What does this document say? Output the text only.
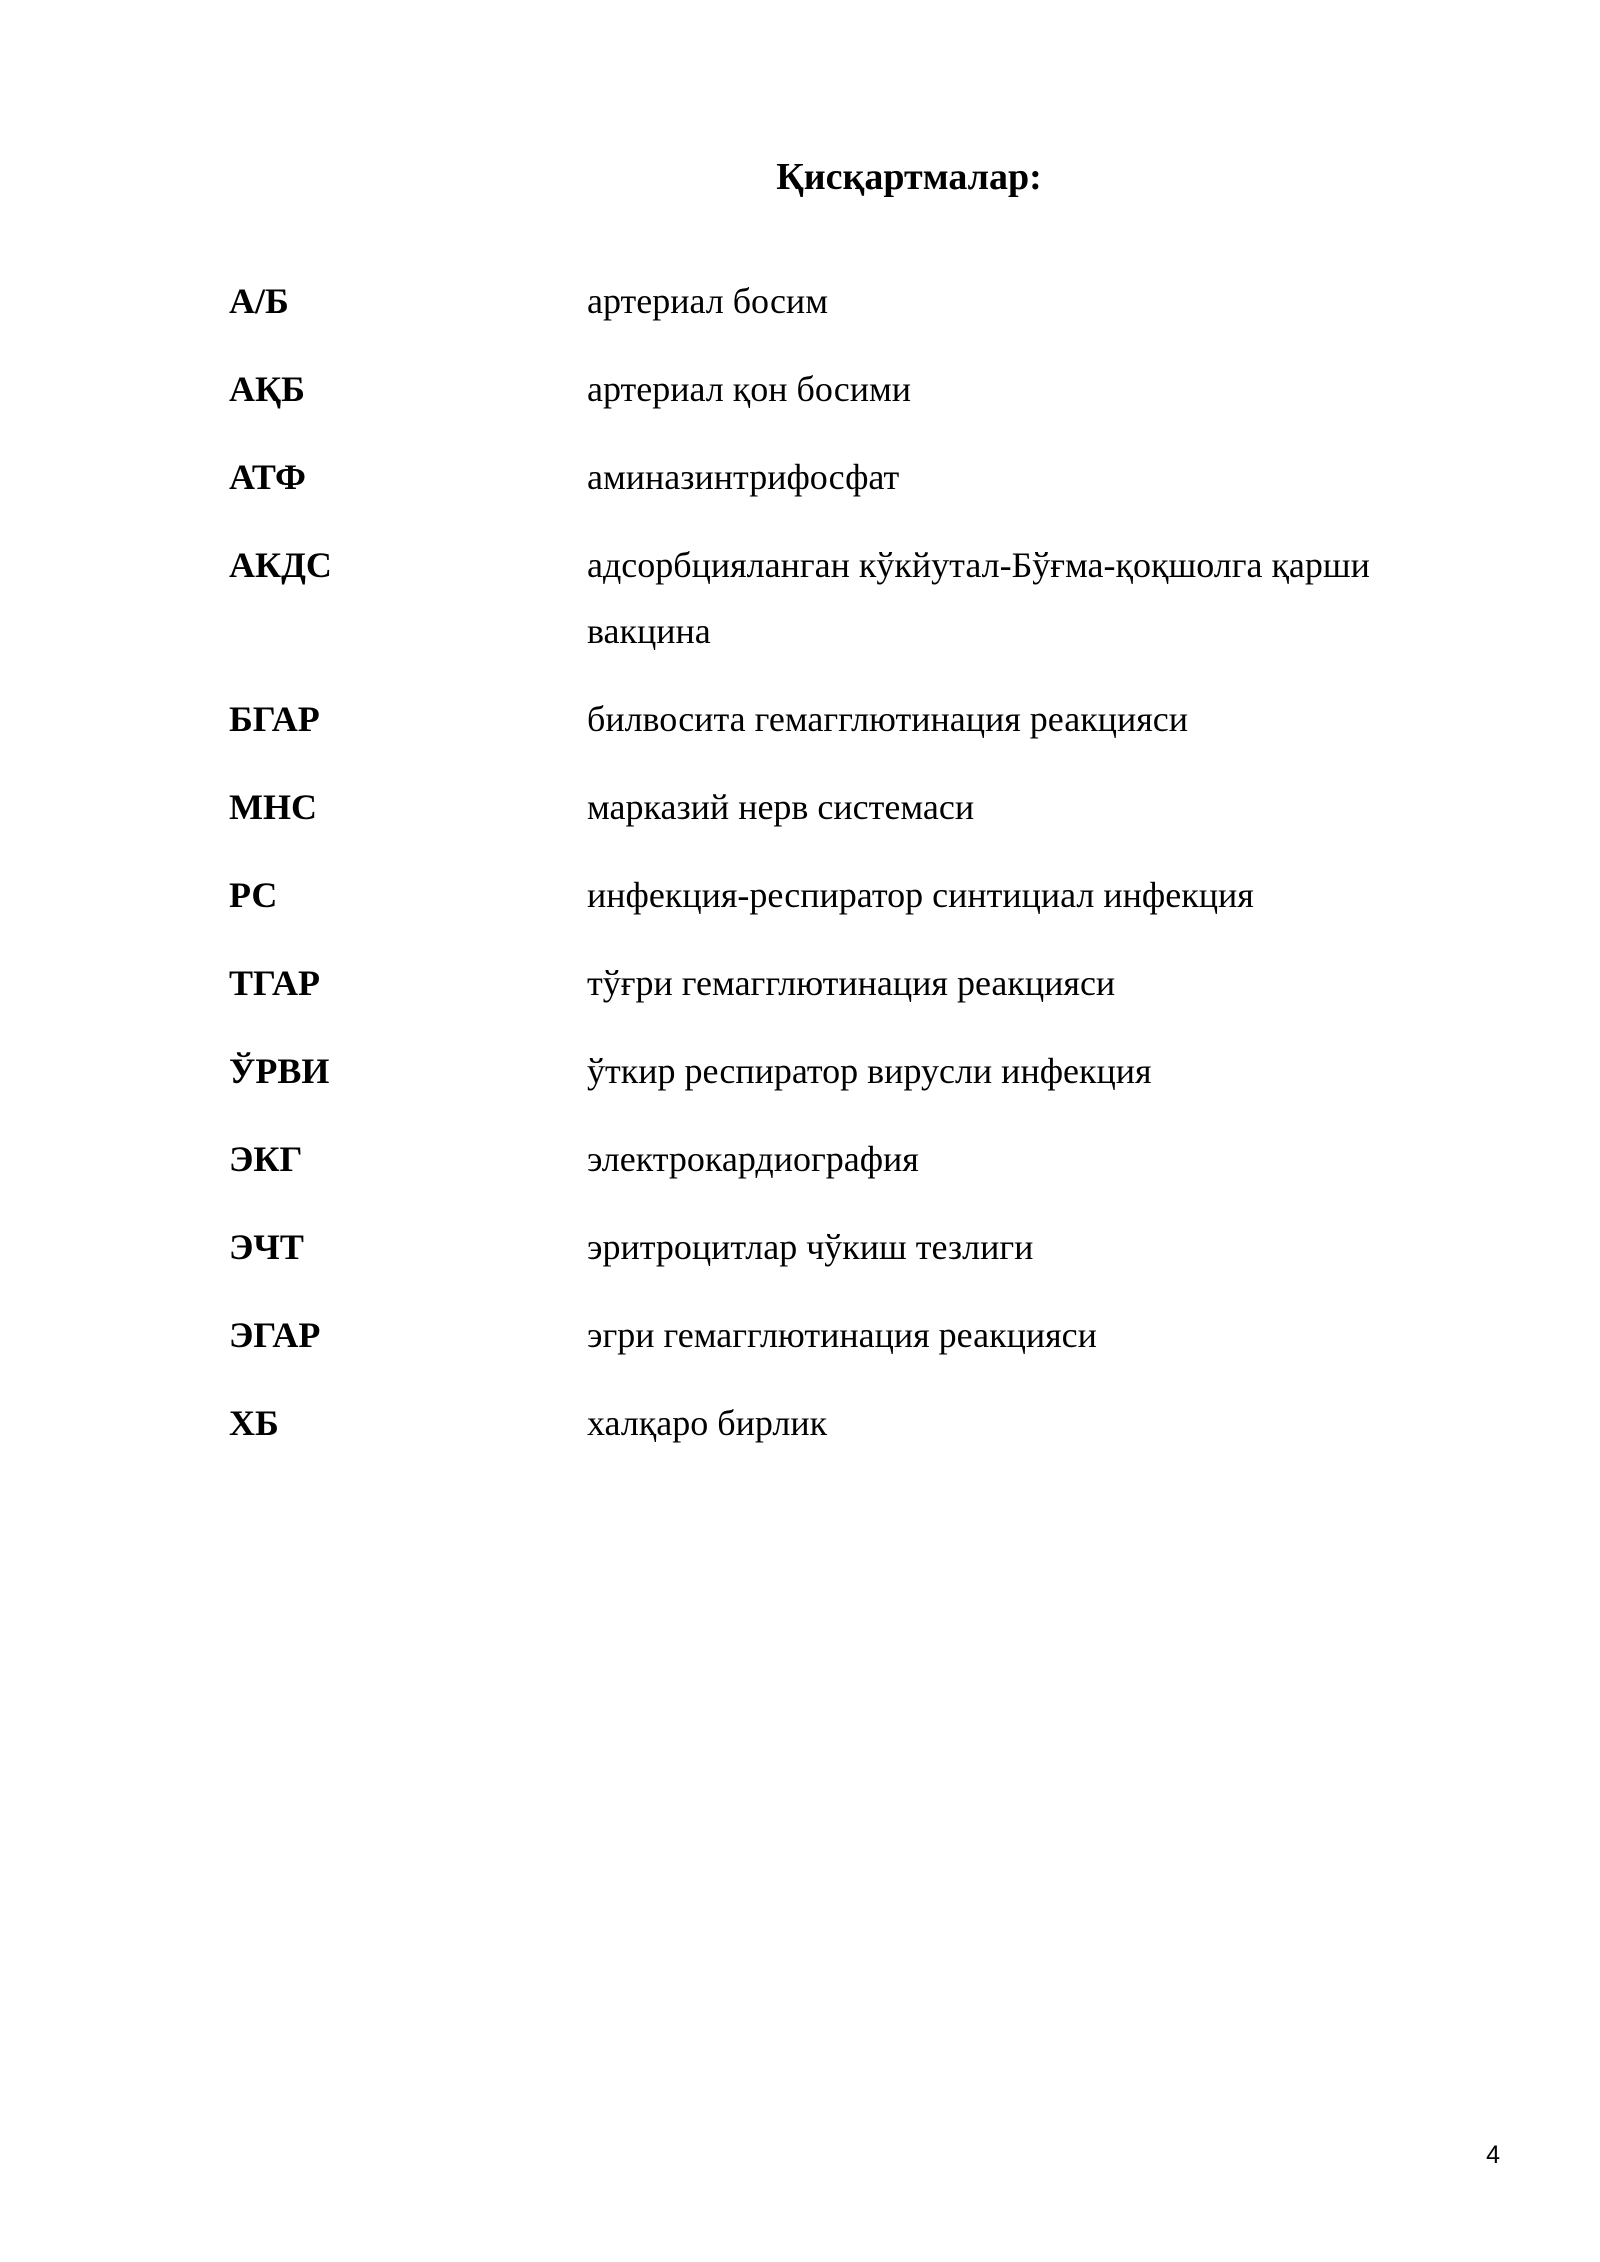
Қисқартмалар:
А/Б	артериал босим
АҚБ	артериал қон босими
АТФ	аминазинтрифосфат
АКДС	адсорбцияланган кўкйутал-Бўғма-қоқшолга қарши вакцина
БГАР	билвосита гемагглютинация реакцияси
МНС	марказий нерв системаси
РС	инфекция-респиратор синтициал инфекция
ТГАР	тўғри гемагглютинация реакцияси
ЎРВИ	ўткир респиратор вирусли инфекция
ЭКГ	электрокардиография
ЭЧТ	эритроцитлар чўкиш тезлиги
ЭГАР	эгри гемагглютинация реакцияси
ХБ	халқаро бирлик
4
